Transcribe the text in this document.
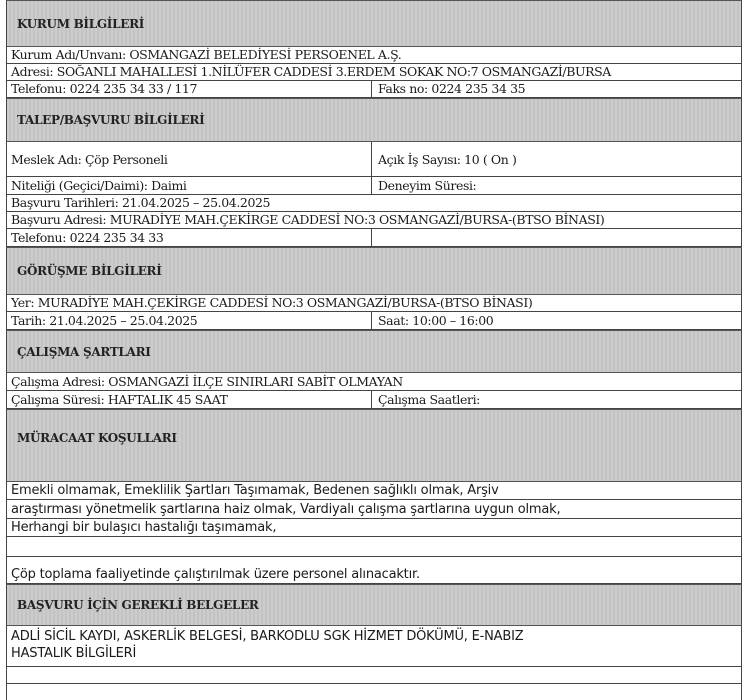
KURUM BİLGİLERİ
Kurum Adı/Unvanı: OSMANGAZİ BELEDİYESİ PERSOENEL A.Ş.
Adresi: SOĞANLI MAHALLESİ 1.NİLÜFER CADDESİ 3.ERDEM SOKAK NO:7 OSMANGAZİ/BURSA
Telefonu: 0224 235 34 33 / 117	Faks no: 0224 235 34 35
TALEP/BAŞVURU BİLGİLERİ
Meslek Adı: Çöp Personeli	Açık İş Sayısı: 10 ( On )
Niteliği (Geçici/Daimi): Daimi	Deneyim Süresi:
Başvuru Tarihleri: 21.04.2025 – 25.04.2025
Başvuru Adresi: MURADİYE MAH.ÇEKİRGE CADDESİ NO:3 OSMANGAZİ/BURSA-(BTSO BİNASI)
Telefonu: 0224 235 34 33
GÖRÜŞME BİLGİLERİ
Yer: MURADİYE MAH.ÇEKİRGE CADDESİ NO:3 OSMANGAZİ/BURSA-(BTSO BİNASI)
Tarih: 21.04.2025 – 25.04.2025	Saat: 10:00 – 16:00
ÇALIŞMA ŞARTLARI
Çalışma Adresi: OSMANGAZİ İLÇE SINIRLARI SABİT OLMAYAN
Çalışma Süresi: HAFTALIK 45 SAAT	Çalışma Saatleri:
MÜRACAAT KOŞULLARI
Emekli olmamak, Emeklilik Şartları Taşımamak, Bedenen sağlıklı olmak, Arşiv
araştırması yönetmelik şartlarına haiz olmak, Vardiyalı çalışma şartlarına uygun olmak,
Herhangi bir bulaşıcı hastalığı taşımamak,
Çöp toplama faaliyetinde çalıştırılmak üzere personel alınacaktır.
BAŞVURU İÇİN GEREKLİ BELGELER
ADLİ SİCİL KAYDI, ASKERLİK BELGESİ, BARKODLU SGK HİZMET DÖKÜMÜ, E-NABIZ
HASTALIK BİLGİLERİ
